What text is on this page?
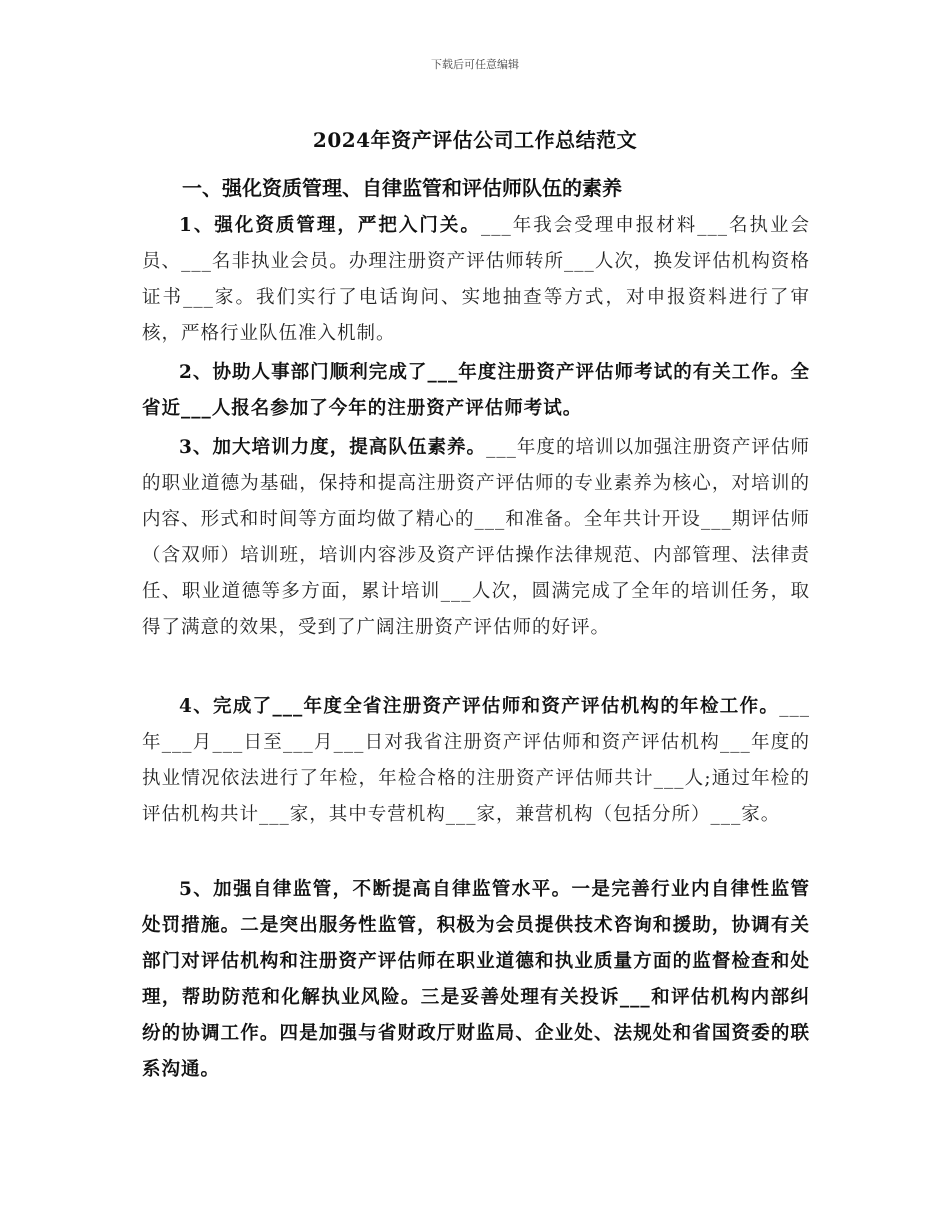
下载后可任意编辑
2024年资产评估公司工作总结范文
一、强化资质管理、自律监管和评估师队伍的素养
1、强化资质管理，严把入门关。___年我会受理申报材料___名执业会员、___名非执业会员。办理注册资产评估师转所___人次，换发评估机构资格证书___家。我们实行了电话询问、实地抽查等方式，对申报资料进行了审核，严格行业队伍准入机制。
2、协助人事部门顺利完成了___年度注册资产评估师考试的有关工作。全省近___人报名参加了今年的注册资产评估师考试。
3、加大培训力度，提高队伍素养。___年度的培训以加强注册资产评估师的职业道德为基础，保持和提高注册资产评估师的专业素养为核心，对培训的内容、形式和时间等方面均做了精心的___和准备。全年共计开设___期评估师（含双师）培训班，培训内容涉及资产评估操作法律规范、内部管理、法律责任、职业道德等多方面，累计培训___人次，圆满完成了全年的培训任务，取得了满意的效果，受到了广阔注册资产评估师的好评。
4、完成了___年度全省注册资产评估师和资产评估机构的年检工作。___年___月___日至___月___日对我省注册资产评估师和资产评估机构___年度的执业情况依法进行了年检，年检合格的注册资产评估师共计___人;通过年检的评估机构共计___家，其中专营机构___家，兼营机构（包括分所）___家。
5、加强自律监管，不断提高自律监管水平。一是完善行业内自律性监管处罚措施。二是突出服务性监管，积极为会员提供技术咨询和援助，协调有关部门对评估机构和注册资产评估师在职业道德和执业质量方面的监督检查和处理，帮助防范和化解执业风险。三是妥善处理有关投诉___和评估机构内部纠纷的协调工作。四是加强与省财政厅财监局、企业处、法规处和省国资委的联系沟通。
